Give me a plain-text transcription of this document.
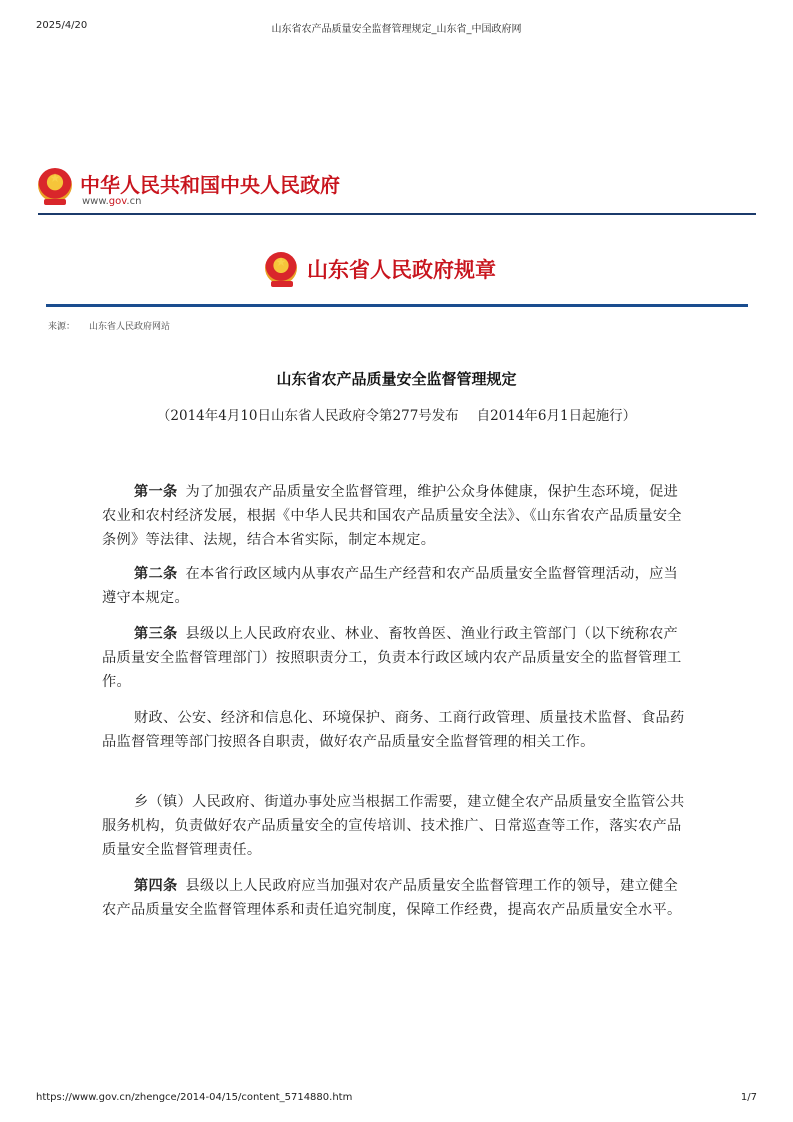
山东省农产品质量安全监督管理规定_山东省_中国政府网
2025/4/20
★ 中华人民共和国中央人民政府
www.gov.cn
★ 山东省人民政府规章
来源： 山东省人民政府网站
山东省农产品质量安全监督管理规定
（2014年4月10日山东省人民政府令第277号发布　 自2014年6月1日起施行）

第一条 为了加强农产品质量安全监督管理，维护公众身体健康，保护生态环境，促进农业和农村经济发展，根据《中华人民共和国农产品质量安全法》、《山东省农产品质量安全条例》等法律、法规，结合本省实际，制定本规定。

第二条 在本省行政区域内从事农产品生产经营和农产品质量安全监督管理活动，应当遵守本规定。

第三条 县级以上人民政府农业、林业、畜牧兽医、渔业行政主管部门（以下统称农产品质量安全监督管理部门）按照职责分工，负责本行政区域内农产品质量安全的监督管理工作。

财政、公安、经济和信息化、环境保护、商务、工商行政管理、质量技术监督、食品药品监督管理等部门按照各自职责，做好农产品质量安全监督管理的相关工作。

乡（镇）人民政府、街道办事处应当根据工作需要，建立健全农产品质量安全监管公共服务机构，负责做好农产品质量安全的宣传培训、技术推广、日常巡查等工作，落实农产品质量安全监督管理责任。

第四条 县级以上人民政府应当加强对农产品质量安全监督管理工作的领导，建立健全农产品质量安全监督管理体系和责任追究制度，保障工作经费，提高农产品质量安全水平。

https://www.gov.cn/zhengce/2014-04/15/content_5714880.htm	1/7
